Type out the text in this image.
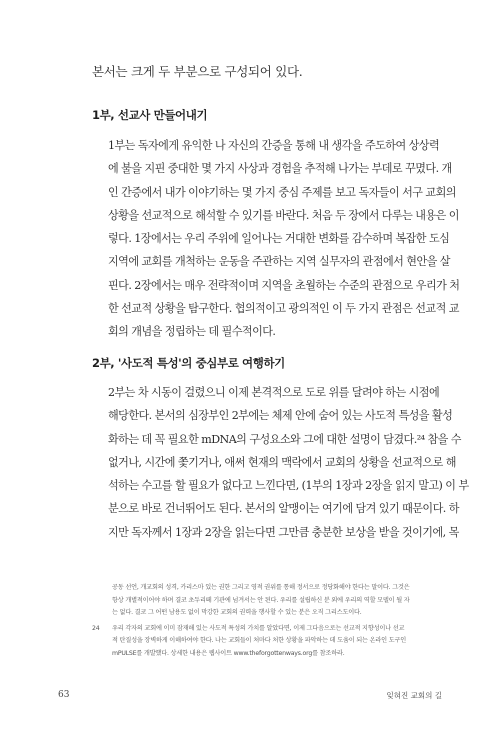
본서는 크게 두 부분으로 구성되어 있다.

1부, 선교사 만들어내기
1부는 독자에게 유익한 나 자신의 간증을 통해 내 생각을 주도하여 상상력
에 불을 지핀 중대한 몇 가지 사상과 경험을 추적해 나가는 부데로 꾸몄다. 개
인 간증에서 내가 이야기하는 몇 가지 중심 주제를 보고 독자들이 서구 교회의
상황을 선교적으로 해석할 수 있기를 바란다. 처음 두 장에서 다루는 내용은 이
렇다. 1장에서는 우리 주위에 일어나는 거대한 변화를 감수하며 복잡한 도심
지역에 교회를 개척하는 운동을 주관하는 지역 실무자의 관점에서 현안을 살
핀다. 2장에서는 매우 전략적이며 지역을 초월하는 수준의 관점으로 우리가 처
한 선교적 상황을 탐구한다. 협의적이고 광의적인 이 두 가지 관점은 선교적 교
회의 개념을 정립하는 데 필수적이다.
2부, '사도적 특성'의 중심부로 여행하기
2부는 차 시동이 걸렸으니 이제 본격적으로 도로 위를 달려야 하는 시점에
해당한다. 본서의 심장부인 2부에는 체제 안에 숨어 있는 사도적 특성을 활성
화하는 데 꼭 필요한 mDNA의 구성요소와 그에 대한 설명이 담겼다.²⁴ 참을 수
없거나, 시간에 쫓기거나, 애써 현재의 맥락에서 교회의 상황을 선교적으로 해
석하는 수고를 할 필요가 없다고 느낀다면, (1부의 1장과 2장을 읽지 말고) 이 부
분으로 바로 건너뛰어도 된다. 본서의 알맹이는 여기에 담겨 있기 때문이다. 하
지만 독자께서 1장과 2장을 읽는다면 그만큼 충분한 보상을 받을 것이기에, 목
공동 선언, 개교회의 성격, 카리스마 있는 권한 그리고 영적 권위를 통해 정서으로 정당화해야 한다는 말이다. 그것은
항상 개별적이어야 하며 결코 초두리떼 기관에 넘겨서는 안 된다. 우리를 설립하신 분 외에 우리의 역할 모델이 될 자
는 없다. 결코 그 어떤 남용도 없이 막강한 교회의 권력을 행사할 수 있는 분은 오직 그리스도이다.
24 우리 각자의 교회에 이미 잠재해 있는 사도적 특성의 가치를 알았다면, 이제 그다음으로는 선교적 지향성이나 선교
적 탄질성을 장벽하게 이해하여야 한다. 나는 교회들이 처마다 처한 상황을 파악하는 데 도움이 되는 온라인 도구인
mPULSE를 개발했다. 상세한 내용은 웹사이트 www.theforgottenways.org를 참조하라.
63	잊혀진 교회의 길
